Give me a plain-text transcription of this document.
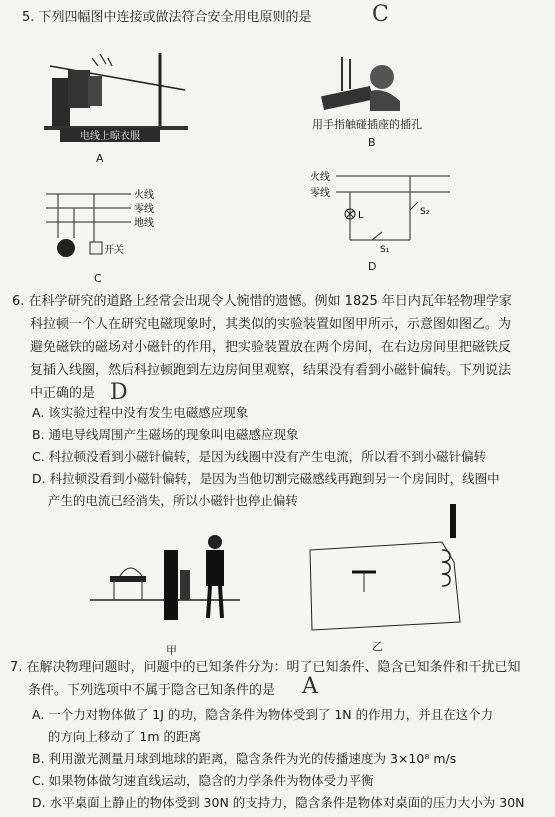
5. 下列四幅图中连接或做法符合安全用电原则的是	C
电线上晾衣服
A
用手指触碰插座的插孔
B
火线
零线
地线
开关
C
火线
零线
L	S₂
S₁
D
6. 在科学研究的道路上经常会出现令人惋惜的遗憾。例如 1825 年日内瓦年轻物理学家
科拉顿一个人在研究电磁现象时，其类似的实验装置如图甲所示，示意图如图乙。为
避免磁铁的磁场对小磁针的作用，把实验装置放在两个房间，在右边房间里把磁铁反
复插入线圈，然后科拉顿跑到左边房间里观察，结果没有看到小磁针偏转。下列说法
中正确的是 D
A. 该实验过程中没有发生电磁感应现象
B. 通电导线周围产生磁场的现象叫电磁感应现象
C. 科拉顿没看到小磁针偏转，是因为线圈中没有产生电流，所以看不到小磁针偏转
D. 科拉顿没看到小磁针偏转，是因为当他切割完磁感线再跑到另一个房间时，线圈中
产生的电流已经消失，所以小磁针也停止偏转
甲	乙
7. 在解决物理问题时，问题中的已知条件分为：明了已知条件、隐含已知条件和干扰已知
条件。下列选项中不属于隐含已知条件的是	A
A. 一个力对物体做了 1J 的功，隐含条件为物体受到了 1N 的作用力，并且在这个力
的方向上移动了 1m 的距离
B. 利用激光测量月球到地球的距离，隐含条件为光的传播速度为 3×10⁸ m/s
C. 如果物体做匀速直线运动，隐含的力学条件为物体受力平衡
D. 水平桌面上静止的物体受到 30N 的支持力，隐含条件是物体对桌面的压力大小为 30N
